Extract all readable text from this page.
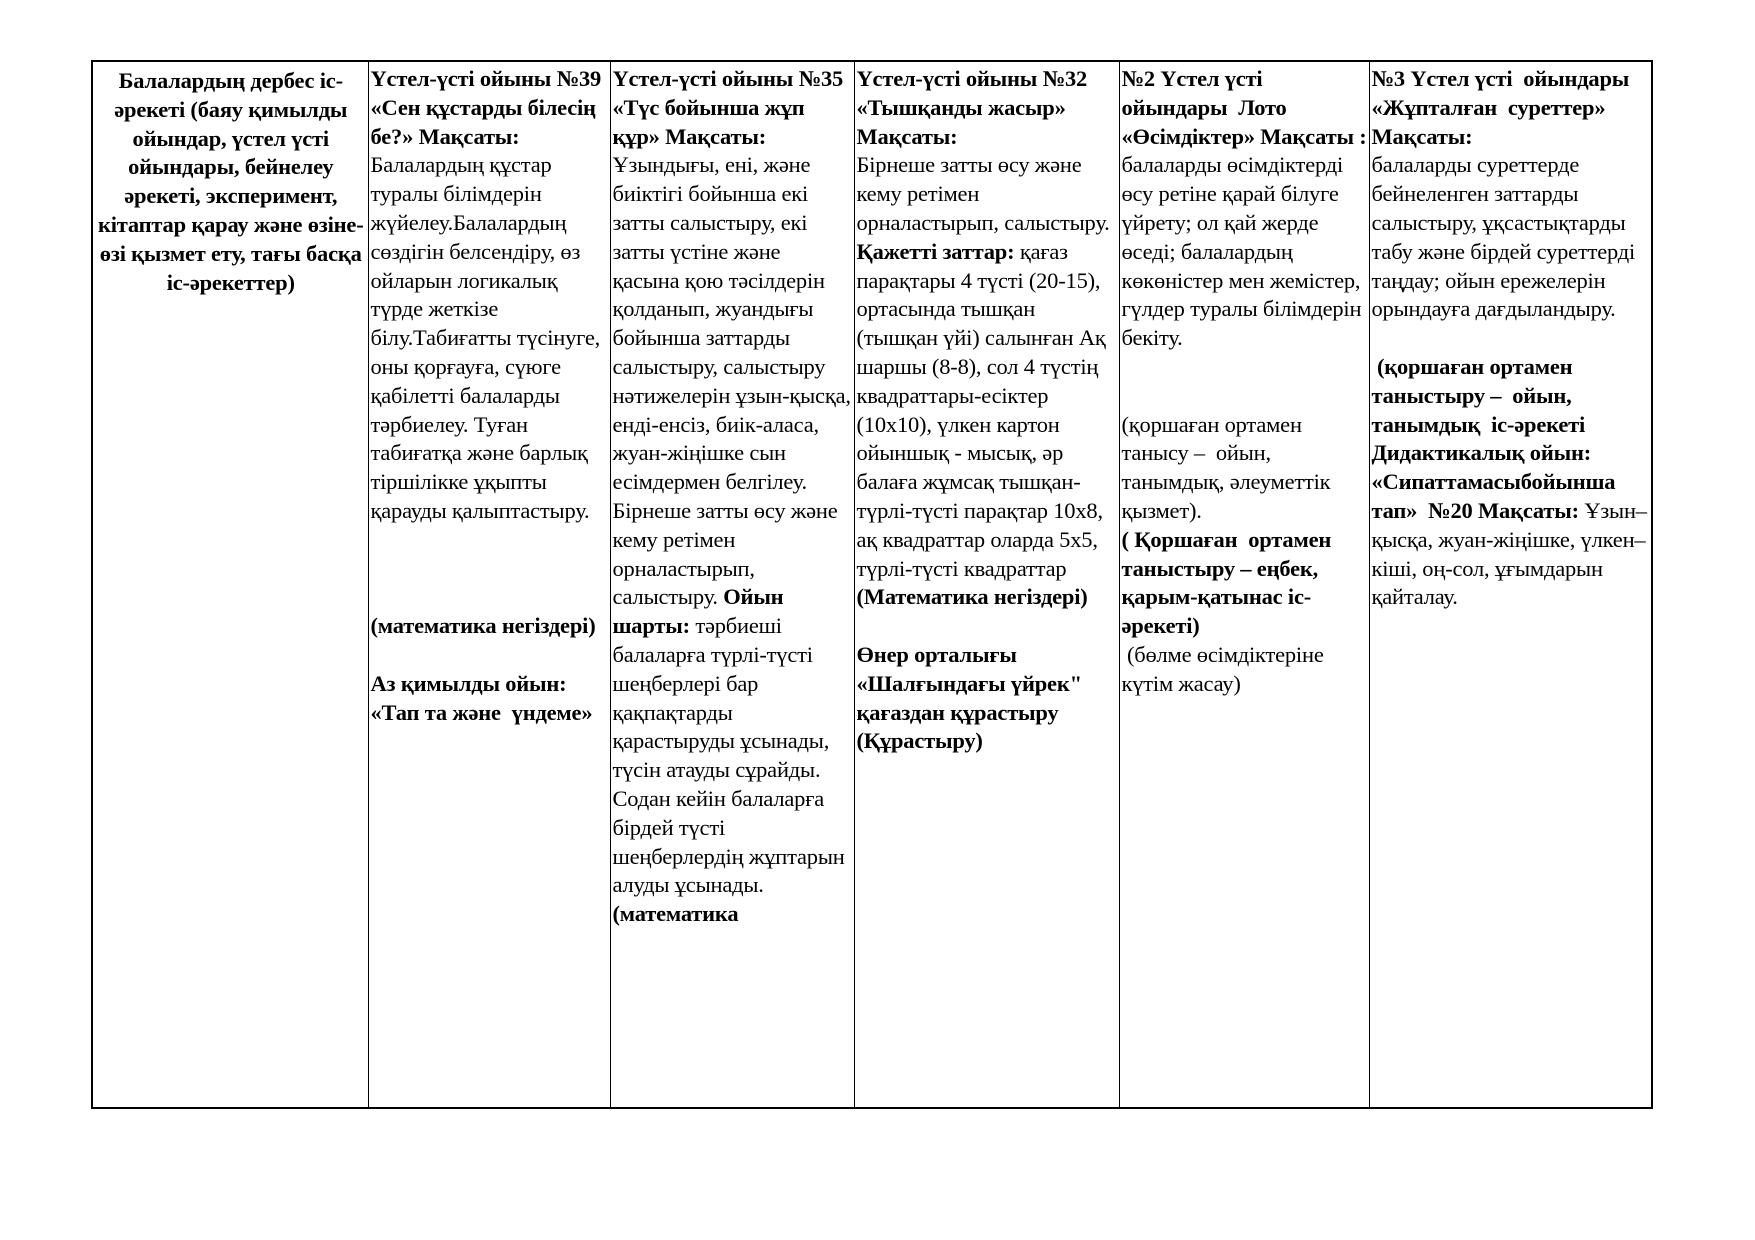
Балалардың дербес іс-әрекеті (баяу қимылды ойындар, үстел үсті ойындары, бейнелеу әрекеті, эксперимент, кітаптар қарау және өзіне-өзі қызмет ету, тағы басқа іс-әрекеттер)	Үстел-үсті ойыны №39 «Сен құстарды білесің бе?» Мақсаты:
Балалардың құстар туралы білімдерін жүйелеу.Балалардың сөздігін белсендіру, өз ойларын логикалық түрде жеткізе білу.Табиғатты түсінуге, оны қорғауға, сүюге қабілетті балаларды тәрбиелеу. Туған табиғатқа және барлық тіршілікке ұқыпты қарауды қалыптастыру.

(математика негіздері)

Аз қимылды ойын: «Тап та және  үндеме»	Үстел-үсті ойыны №35 «Түс бойынша жұп құр» Мақсаты:
Ұзындығы, ені, және биіктігі бойынша екі затты салыстыру, екі затты үстіне және қасына қою тәсілдерін қолданып, жуандығы бойынша заттарды салыстыру, салыстыру нәтижелерін ұзын-қысқа, енді-енсіз, биік-аласа, жуан-жіңішке сын есімдермен белгілеу. Бірнеше затты өсу және кему ретімен орналастырып, салыстыру. Ойын шарты: тәрбиеші балаларға түрлі-түсті шеңберлері бар қақпақтарды қарастыруды ұсынады, түсін атауды сұрайды. Содан кейін балаларға бірдей түсті шеңберлердің жұптарын алуды ұсынады.
(математика	Үстел-үсті ойыны №32 «Тышқанды жасыр» Мақсаты:
Бірнеше затты өсу және кему ретімен орналастырып, салыстыру. Қажетті заттар: қағаз парақтары 4 түсті (20-15), ортасында тышқан (тышқан үйі) салынған Ақ шаршы (8-8), сол 4 түстің квадраттары-есіктер (10х10), үлкен картон ойыншық - мысық, әр балаға жұмсақ тышқан-түрлі-түсті парақтар 10х8, ақ квадраттар оларда 5х5, түрлі-түсті квадраттар
(Математика негіздері)

Өнер орталығы «Шалғындағы үйрек" қағаздан құрастыру  (Құрастыру)	№2 Үстел үсті  ойындары  Лото «Өсімдіктер» Мақсаты : балаларды өсімдіктерді өсу ретіне қарай білуге үйрету; ол қай жерде өседі; балалардың көкөністер мен жемістер, гүлдер туралы білімдерін бекіту.

(қоршаған ортамен танысу –  ойын, танымдық, әлеуметтік қызмет).
( Қоршаған  ортамен таныстыру – еңбек, қарым-қатынас іс-әрекеті)
(бөлме өсімдіктеріне күтім жасау)	№3 Үстел үсті  ойындары «Жұпталған  суреттер» Мақсаты:
балаларды суреттерде бейнеленген заттарды салыстыру, ұқсастықтарды табу және бірдей суреттерді таңдау; ойын ережелерін орындауға дағдыландыру.

(қоршаған ортамен таныстыру –  ойын, танымдық  іс-әрекеті Дидактикалық ойын: «Сипаттамасыбойынша тап»  №20 Мақсаты: Ұзын–қысқа, жуан-жіңішке, үлкен–кіші, оң-сол, ұғымдарын қайталау.
